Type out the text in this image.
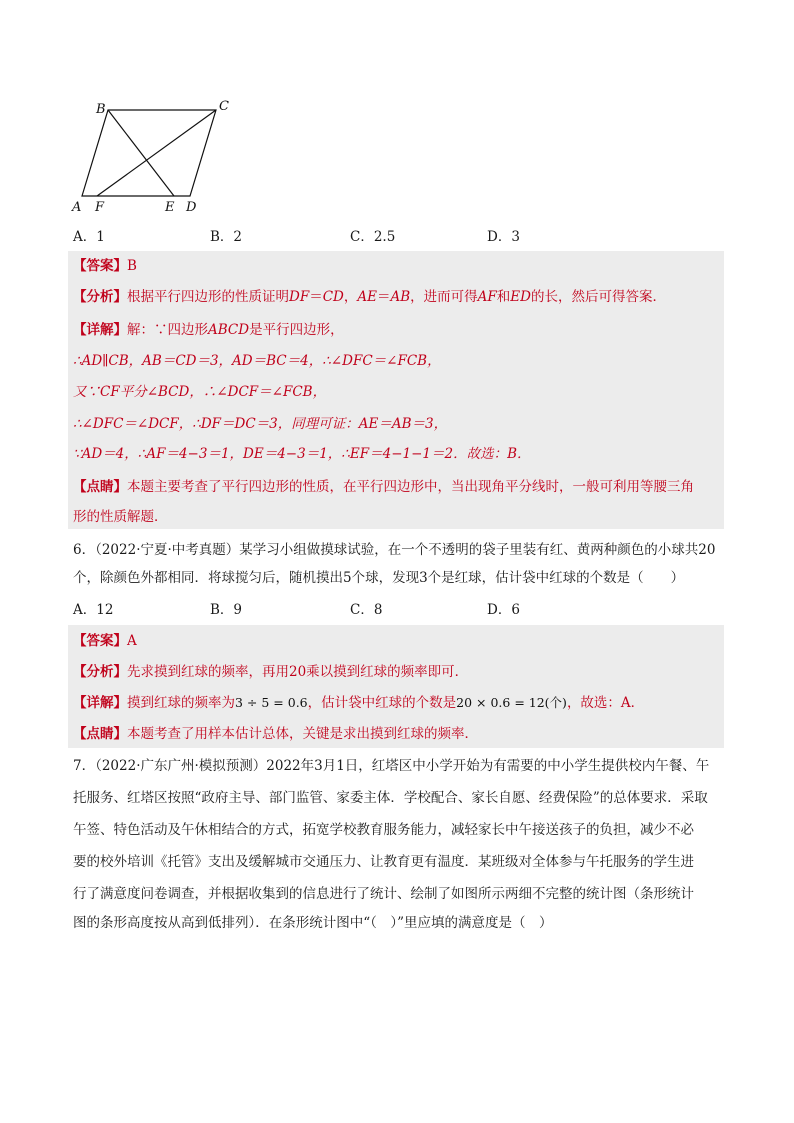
B	C
A F	E D
A．1	B．2	C．2.5	D．3
【答案】B
【分析】根据平行四边形的性质证明DF＝CD，AE＝AB，进而可得AF和ED的长，然后可得答案．
【详解】解：∵四边形ABCD是平行四边形，
∴AD∥CB，AB＝CD＝3，AD＝BC＝4，∴∠DFC＝∠FCB，
又∵CF平分∠BCD，∴∠DCF＝∠FCB，
∴∠DFC＝∠DCF，∴DF＝DC＝3，同理可证：AE＝AB＝3，
∵AD＝4，∴AF＝4−3＝1，DE＝4−3＝1，∴EF＝4−1−1＝2．故选：B．
【点睛】本题主要考查了平行四边形的性质，在平行四边形中，当出现角平分线时，一般可利用等腰三角
形的性质解题．
6．（2022·宁夏·中考真题）某学习小组做摸球试验，在一个不透明的袋子里装有红、黄两种颜色的小球共20
个，除颜色外都相同．将球搅匀后，随机摸出5个球，发现3个是红球，估计袋中红球的个数是（　　）
A．12	B．9	C．8	D．6
【答案】A
【分析】先求摸到红球的频率，再用20乘以摸到红球的频率即可．
【详解】摸到红球的频率为3 ÷ 5 = 0.6，估计袋中红球的个数是20 × 0.6 = 12(个)，故选：A．
【点睛】本题考查了用样本估计总体，关键是求出摸到红球的频率．
7．（2022·广东广州·模拟预测）2022年3月1日，红塔区中小学开始为有需要的中小学生提供校内午餐、午
托服务、红塔区按照“政府主导、部门监管、家委主体．学校配合、家长自愿、经费保险”的总体要求．采取
午签、特色活动及午休相结合的方式，拓宽学校教育服务能力，减轻家长中午接送孩子的负担，减少不必
要的校外培训《托管》支出及缓解城市交通压力、让教育更有温度．某班级对全体参与午托服务的学生进
行了满意度问卷调查，并根据收集到的信息进行了统计、绘制了如图所示两细不完整的统计图（条形统计
图的条形高度按从高到低排列）．在条形统计图中“（　）”里应填的满意度是（　）
